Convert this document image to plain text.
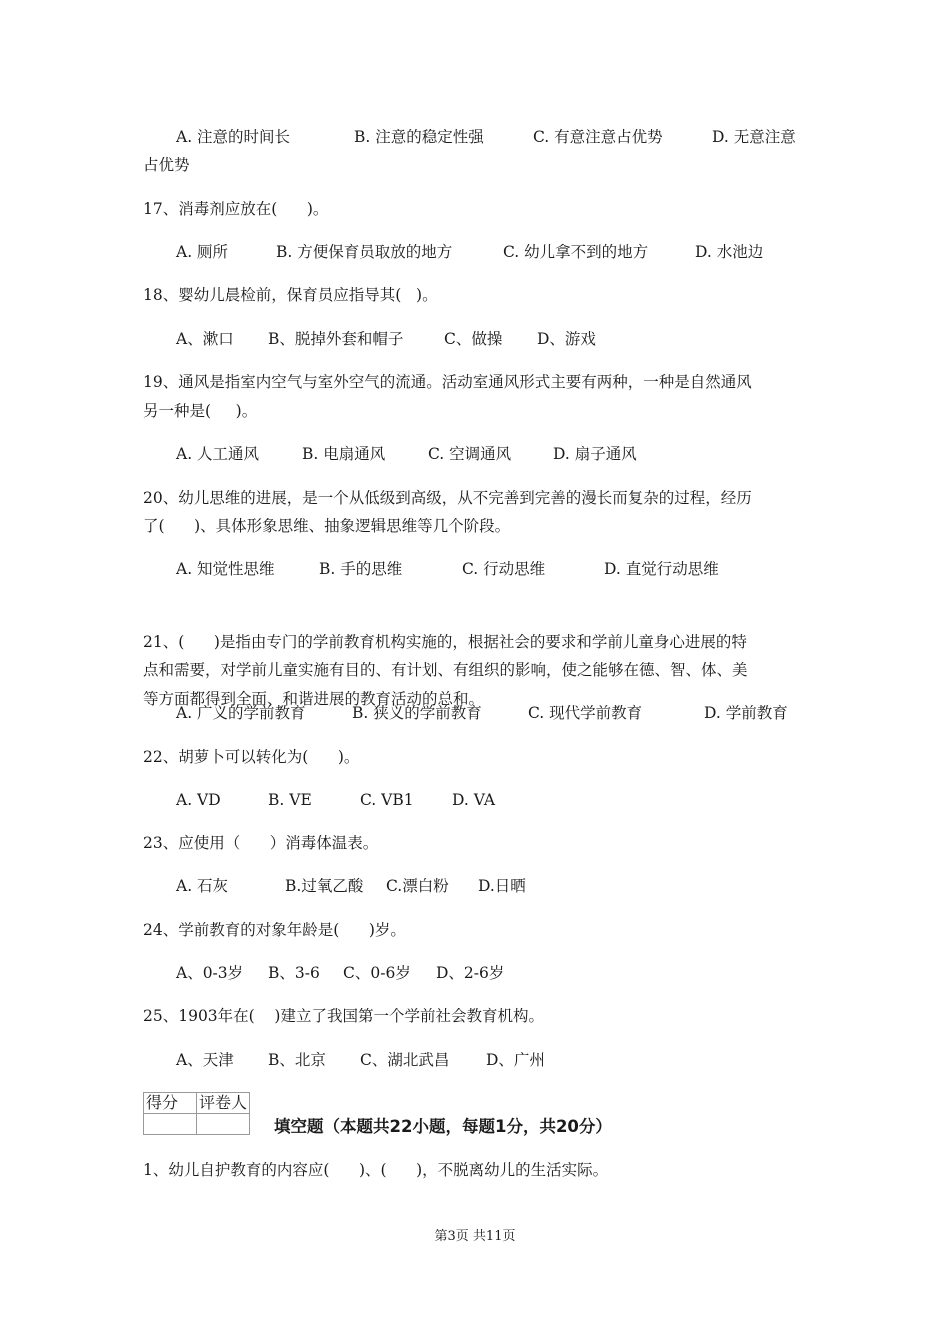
A. 注意的时间长	B. 注意的稳定性强	C. 有意注意占优势	D. 无意注意
占优势
17、消毒剂应放在(      )。
A. 厕所	B. 方便保育员取放的地方	C. 幼儿拿不到的地方	D. 水池边
18、婴幼儿晨检前，保育员应指导其(   )。
A、漱口 B、脱掉外套和帽子	C、做操 D、游戏
19、通风是指室内空气与室外空气的流通。活动室通风形式主要有两种，一种是自然通风
另一种是(     )。
A. 人工通风	B. 电扇通风	C. 空调通风	D. 扇子通风
20、幼儿思维的进展，是一个从低级到高级，从不完善到完善的漫长而复杂的过程，经历
了(      )、具体形象思维、抽象逻辑思维等几个阶段。
A. 知觉性思维	B. 手的思维	C. 行动思维	D. 直觉行动思维
21、(      )是指由专门的学前教育机构实施的，根据社会的要求和学前儿童身心进展的特
点和需要，对学前儿童实施有目的、有计划、有组织的影响，使之能够在德、智、体、美
等方面都得到全面、和谐进展的教育活动的总和。
A. 广义的学前教育	B. 狭义的学前教育	C. 现代学前教育	D. 学前教育
22、胡萝卜可以转化为(      )。
A. VD	B. VE	C. VB1 D. VA
23、应使用（      ）消毒体温表。
A. 石灰	B.过氧乙酸 C.漂白粉 D.日晒
24、学前教育的对象年龄是(      )岁。
A、0-3岁 B、3-6 C、0-6岁 D、2-6岁
25、1903年在(    )建立了我国第一个学前社会教育机构。
A、天津 B、北京 C、湖北武昌 D、广州
得分	评卷人

填空题（本题共22小题，每题1分，共20分）
1、幼儿自护教育的内容应(      )、(      )，不脱离幼儿的生活实际。
第3页 共11页
